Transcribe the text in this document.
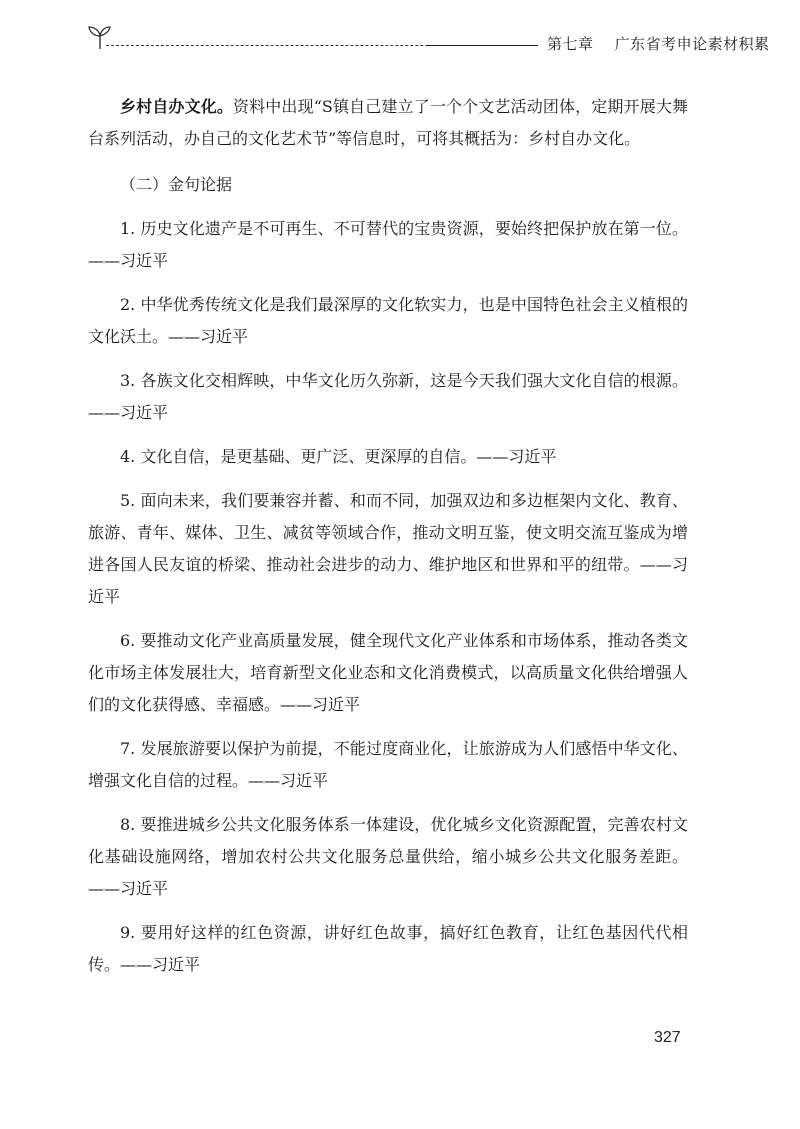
第七章 广东省考申论素材积累

乡村自办文化。资料中出现“S镇自己建立了一个个文艺活动团体，定期开展大舞台系列活动，办自己的文化艺术节”等信息时，可将其概括为：乡村自办文化。

（二）金句论据

1. 历史文化遗产是不可再生、不可替代的宝贵资源，要始终把保护放在第一位。——习近平

2. 中华优秀传统文化是我们最深厚的文化软实力，也是中国特色社会主义植根的文化沃土。——习近平

3. 各族文化交相辉映，中华文化历久弥新，这是今天我们强大文化自信的根源。——习近平

4. 文化自信，是更基础、更广泛、更深厚的自信。——习近平

5. 面向未来，我们要兼容并蓄、和而不同，加强双边和多边框架内文化、教育、旅游、青年、媒体、卫生、减贫等领域合作，推动文明互鉴，使文明交流互鉴成为增进各国人民友谊的桥梁、推动社会进步的动力、维护地区和世界和平的纽带。——习近平

6. 要推动文化产业高质量发展，健全现代文化产业体系和市场体系，推动各类文化市场主体发展壮大，培育新型文化业态和文化消费模式，以高质量文化供给增强人们的文化获得感、幸福感。——习近平

7. 发展旅游要以保护为前提，不能过度商业化，让旅游成为人们感悟中华文化、增强文化自信的过程。——习近平

8. 要推进城乡公共文化服务体系一体建设，优化城乡文化资源配置，完善农村文化基础设施网络，增加农村公共文化服务总量供给，缩小城乡公共文化服务差距。——习近平

9. 要用好这样的红色资源，讲好红色故事，搞好红色教育，让红色基因代代相传。——习近平

327
